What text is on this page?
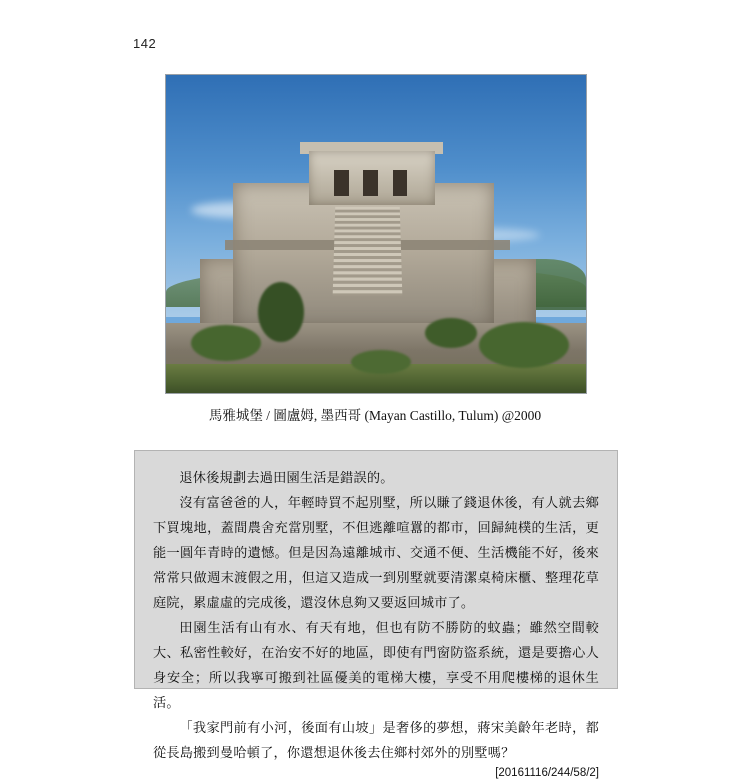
142
馬雅城堡 / 圖盧姆, 墨西哥 (Mayan Castillo, Tulum) @2000

退休後規劃去過田園生活是錯誤的。

沒有富爸爸的人，年輕時買不起別墅，所以賺了錢退休後，有人就去鄉下買塊地，蓋間農舍充當別墅，不但逃離喧囂的都市，回歸純樸的生活，更能一圓年青時的遺憾。但是因為遠離城市、交通不便、生活機能不好，後來常常只做週末渡假之用，但這又造成一到別墅就要清潔桌椅床櫃、整理花草庭院，累虛虛的完成後，還沒休息夠又要返回城市了。

田園生活有山有水、有天有地，但也有防不勝防的蚊蟲；雖然空間較大、私密性較好，在治安不好的地區，即使有門窗防盜系統，還是要擔心人身安全；所以我寧可搬到社區優美的電梯大樓，享受不用爬樓梯的退休生活。

「我家門前有小河，後面有山坡」是奢侈的夢想，蔣宋美齡年老時，都從長島搬到曼哈頓了，你還想退休後去住鄉村郊外的別墅嗎？

[20161116/244/58/2]
